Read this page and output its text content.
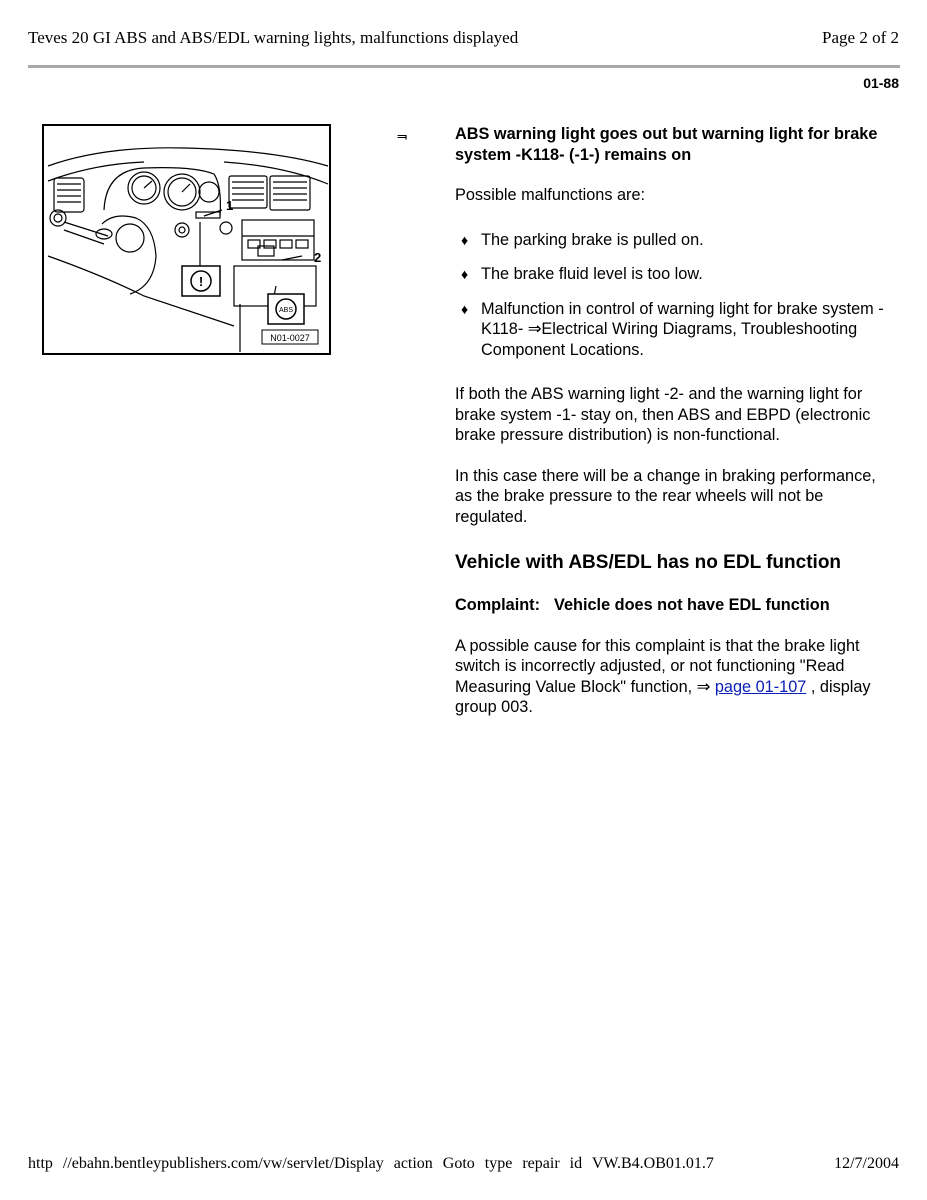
Teves 20 GI ABS and ABS/EDL warning lights, malfunctions displayed	Page 2 of 2
01-88
!
ABS
1
2
N01-0027
⫬	ABS warning light goes out but warning light for brake system -K118- (-1-) remains on

Possible malfunctions are:

♦ The parking brake is pulled on.
♦ The brake fluid level is too low.
♦ Malfunction in control of warning light for brake system -K118- ⇒Electrical Wiring Diagrams, TroubleshootingComponent Locations.

If both the ABS warning light -2- and the warning light for brake system -1- stay on, then ABS and EBPD (electronic brake pressure distribution) is non-functional.

In this case there will be a change in braking performance, as the brake pressure to the rear wheels will not be regulated.

Vehicle with ABS/EDL has no EDL function

Complaint: Vehicle does not have EDL function

A possible cause for this complaint is that the brake light switch is incorrectly adjusted, or not functioning "Read Measuring Value Block" function, ⇒ page 01-107 , display group 003.

http //ebahn.bentleypublishers.com/vw/servlet/Display action Goto type repair id VW.B4.OB01.01.7	12/7/2004
